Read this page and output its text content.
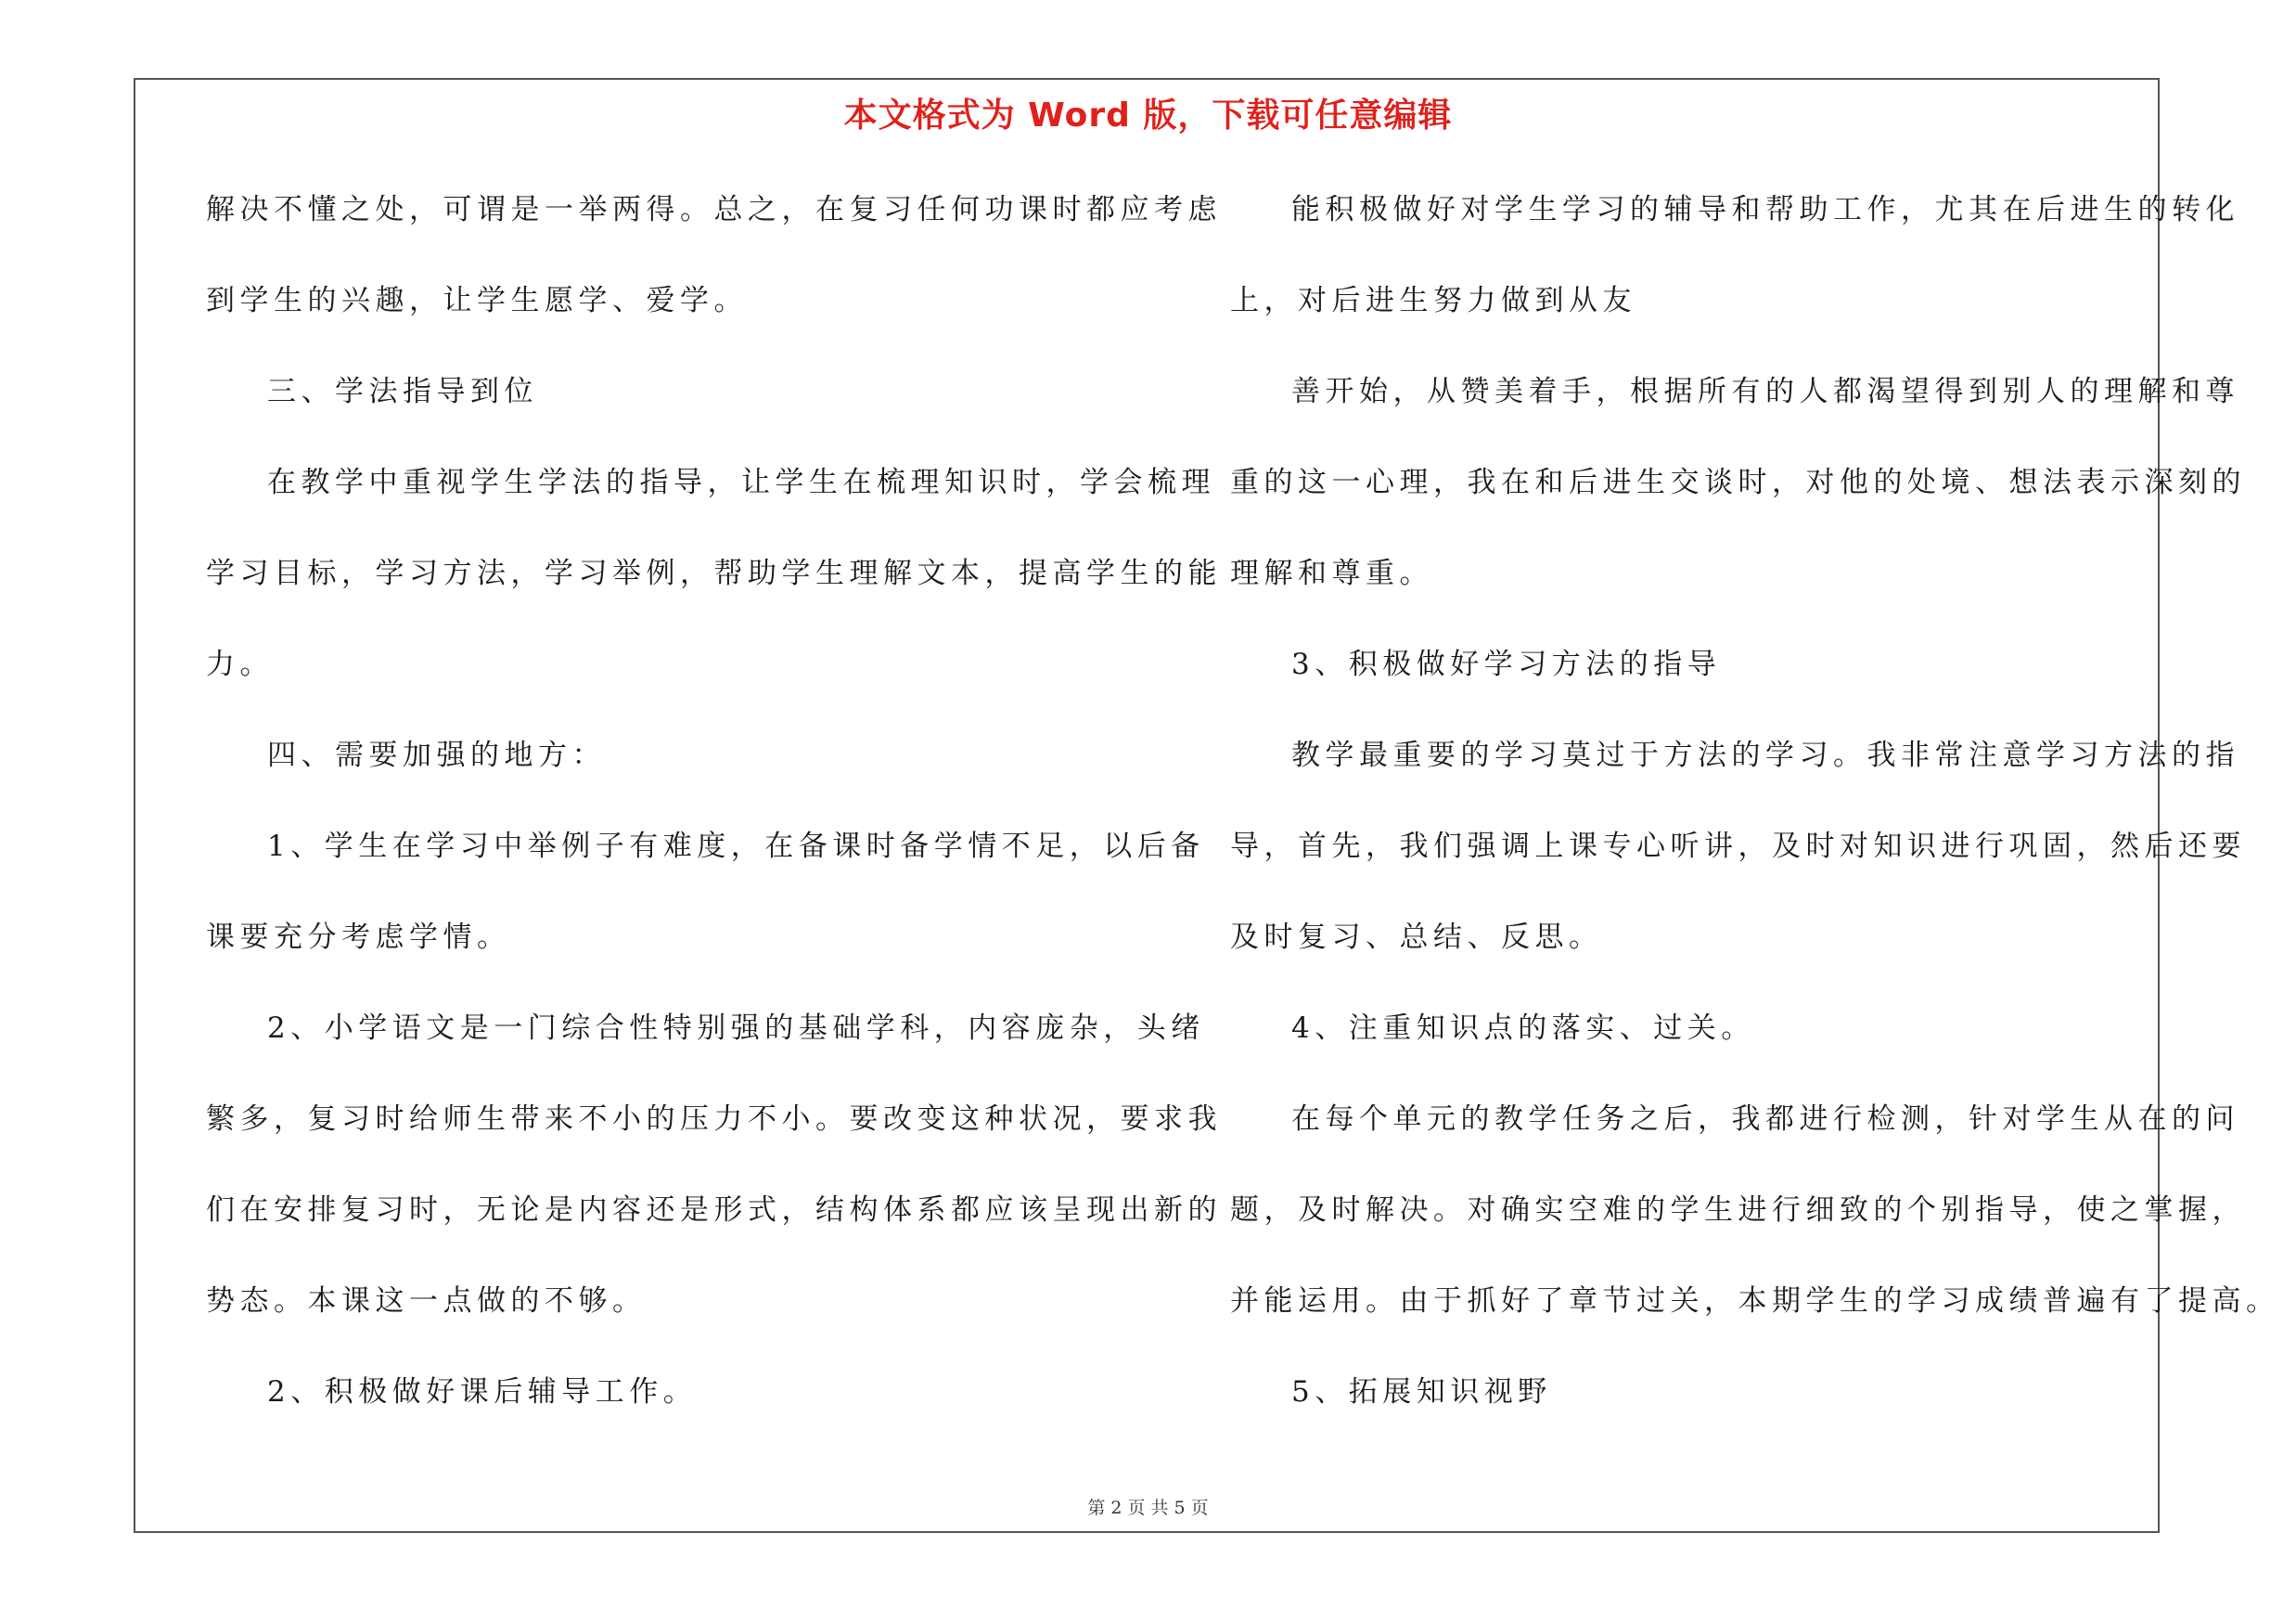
本文格式为 Word 版，下载可任意编辑
解决不懂之处，可谓是一举两得。总之，在复习任何功课时都应考虑
到学生的兴趣，让学生愿学、爱学。
三、学法指导到位
在教学中重视学生学法的指导，让学生在梳理知识时，学会梳理
学习目标，学习方法，学习举例，帮助学生理解文本，提高学生的能
力。
四、需要加强的地方：
1、学生在学习中举例子有难度，在备课时备学情不足，以后备
课要充分考虑学情。
2、小学语文是一门综合性特别强的基础学科，内容庞杂，头绪
繁多，复习时给师生带来不小的压力不小。要改变这种状况，要求我
们在安排复习时，无论是内容还是形式，结构体系都应该呈现出新的
势态。本课这一点做的不够。
2、积极做好课后辅导工作。
能积极做好对学生学习的辅导和帮助工作，尤其在后进生的转化
上，对后进生努力做到从友
善开始，从赞美着手，根据所有的人都渴望得到别人的理解和尊
重的这一心理，我在和后进生交谈时，对他的处境、想法表示深刻的
理解和尊重。
3、积极做好学习方法的指导
教学最重要的学习莫过于方法的学习。我非常注意学习方法的指
导，首先，我们强调上课专心听讲，及时对知识进行巩固，然后还要
及时复习、总结、反思。
4、注重知识点的落实、过关。
在每个单元的教学任务之后，我都进行检测，针对学生从在的问
题，及时解决。对确实空难的学生进行细致的个别指导，使之掌握，
并能运用。由于抓好了章节过关，本期学生的学习成绩普遍有了提高。
5、拓展知识视野
第 2 页 共 5 页
